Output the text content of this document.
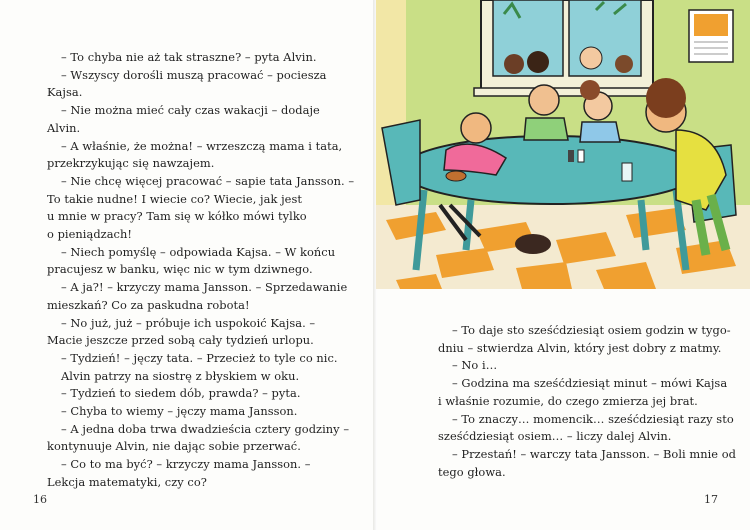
– To chyba nie aż tak straszne? – pyta Alvin.
– Wszyscy dorośli muszą pracować – pociesza
Kajsa.
– Nie można mieć cały czas wakacji – dodaje
Alvin.
– A właśnie, że można! – wrzeszczą mama i tata,
przekrzykując się nawzajem.
– Nie chcę więcej pracować – sapie tata Jansson. –
To takie nudne! I wiecie co? Wiecie, jak jest
u mnie w pracy? Tam się w kółko mówi tylko
o pieniądzach!
– Niech pomyślę – odpowiada Kajsa. – W końcu
pracujesz w banku, więc nic w tym dziwnego.
– A ja?! – krzyczy mama Jansson. – Sprzedawanie
mieszkań? Co za paskudna robota!
– No już, już – próbuje ich uspokoić Kajsa. –
Macie jeszcze przed sobą cały tydzień urlopu.
– Tydzień! – jęczy tata. – Przecież to tyle co nic.
Alvin patrzy na siostrę z błyskiem w oku.
– Tydzień to siedem dób, prawda? – pyta.
– Chyba to wiemy – jęczy mama Jansson.
– A jedna doba trwa dwadzieścia cztery godziny –
kontynuuje Alvin, nie dając sobie przerwać.
– Co to ma być? – krzyczy mama Jansson. –
Lekcja matematyki, czy co?
– To daje sto sześćdziesiąt osiem godzin w tygo-
dniu – stwierdza Alvin, który jest dobry z matmy.
– No i…
– Godzina ma sześćdziesiąt minut – mówi Kajsa
i właśnie rozumie, do czego zmierza jej brat.
– To znaczy… momencik… sześćdziesiąt razy sto
sześćdziesiąt osiem… – liczy dalej Alvin.
– Przestań! – warczy tata Jansson. – Boli mnie od
tego głowa.
16	17
